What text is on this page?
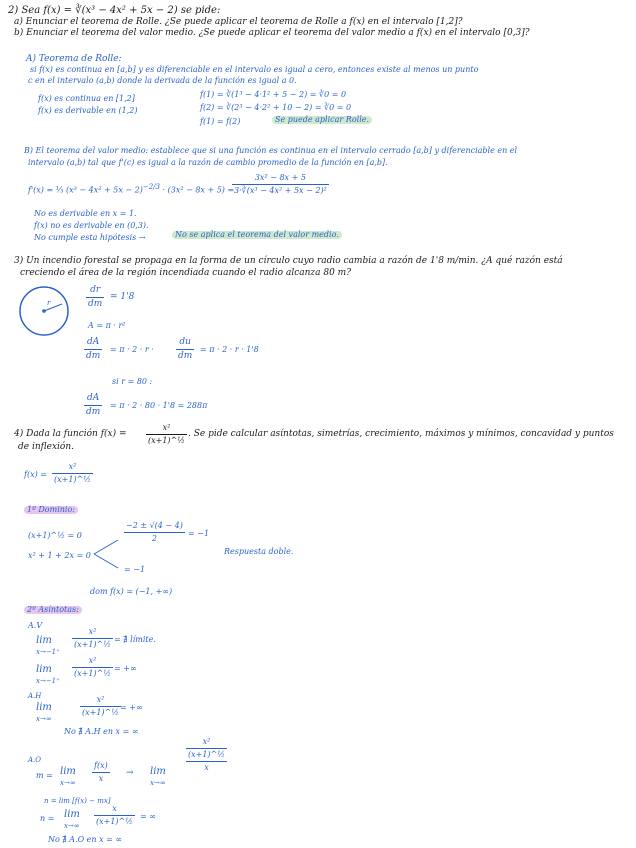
2) Sea f(x) = ∛(x³ − 4x² + 5x − 2) se pide:
a) Enunciar el teorema de Rolle. ¿Se puede aplicar el teorema de Rolle a f(x) en el intervalo [1,2]?
b) Enunciar el teorema del valor medio. ¿Se puede aplicar el teorema del valor medio a f(x) en el intervalo [0,3]?
A) Teorema de Rolle:
si f(x) es continua en [a,b] y es diferenciable en el intervalo es igual a cero, entonces existe al menos un punto
c en el intervalo (a,b) donde la derivada de la función es igual a 0.
f(x) es continua en [1,2]
f(x) es derivable en (1,2)
f(1) = ∛(1³ − 4·1² + 5 − 2) = ∛0 = 0
f(2) = ∛(2³ − 4·2² + 10 − 2) = ∛0 = 0
f(1) = f(2)	Se puede aplicar Rolle.
B) El teorema del valor medio: establece que si una función es continua en el intervalo cerrado [a,b] y diferenciable en el
intervalo (a,b) tal que f'(c) es igual a la razón de cambio promedio de la función en [a,b].
f'(x) = ⅓ $(x^3 - 4x^2 + 5x - 2)^{-2/3} \cdot (3x^2 - 8x + 5)$ =
3x² − 8x + 5
3·∛(x³ − 4x² + 5x − 2)²
No es derivable en x = 1.
f(x) no es derivable en (0,3).
No cumple esta hipótesis →	No se aplica el teorema del valor medio.
3) Un incendio forestal se propaga en la forma de un círculo cuyo radio cambia a razón de 1'8 m/min. ¿A qué razón está
creciendo el área de la región incendiada cuando el radio alcanza 80 m?
r
dr
dm
= 1'8
A = π · r²
dA
dm
= π · 2 · r ·
du
dm
= π · 2 · r · 1'8
si r = 80 :
dA
dm
= π · 2 · 80 · 1'8 = 288π
4) Dada la función f(x) =
x²
(x+1)^½
. Se pide calcular asíntotas, simetrías, crecimiento, máximos y mínimos, concavidad y puntos
de inflexión.
f(x) =
x²
(x+1)^½
1º Dominio:
(x+1)^½ = 0
x² + 1 + 2x = 0
−2 ± √(4 − 4)
2
= −1
= −1
Respuesta doble.
dom f(x) = (−1, +∞)
2º Asíntotas:
A.V
lim
x→−1⁺
x²
(x+1)^½
= ∄ límite.
lim
x→−1⁺
x²
(x+1)^½
= +∞
A.H
lim
x→∞
x²
(x+1)^½
= +∞
No ∄ A.H en x = ∞
A.O
m = lim
x→∞
f(x)
x
→ lim
x→∞
x²
(x+1)^½
x
n = lim [f(x) − mx]
n = lim
x→∞
x
(x+1)^½
= ∞
No ∄ A.O en x = ∞
